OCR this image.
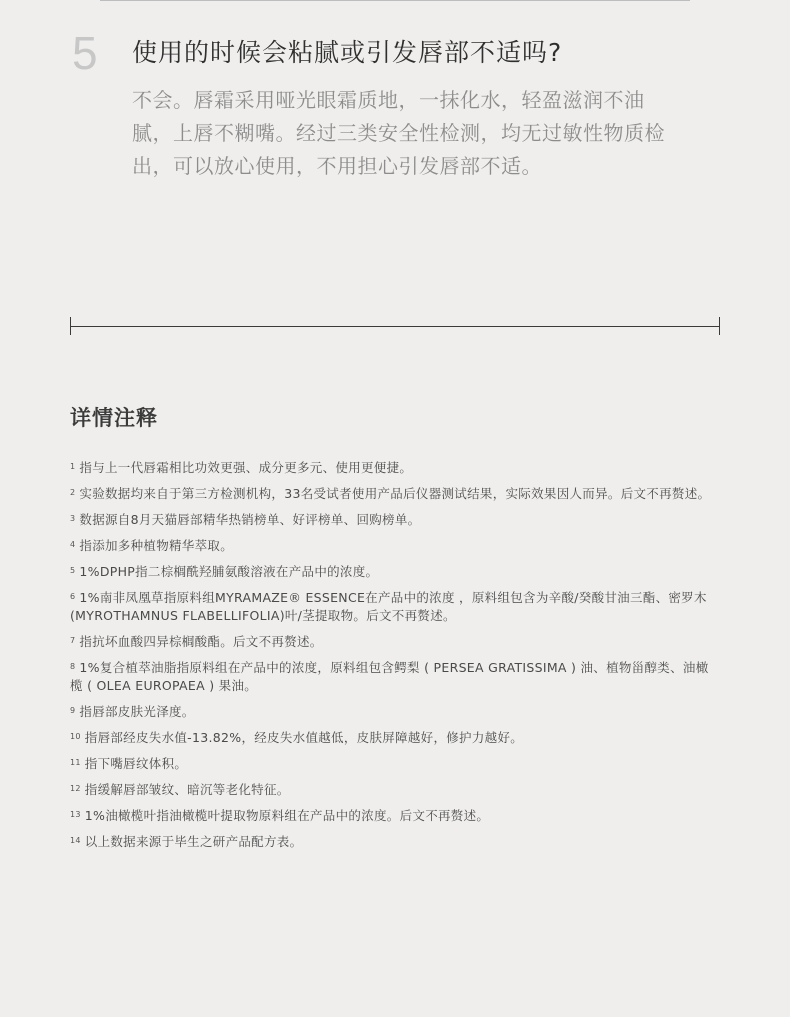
5 使用的时候会粘腻或引发唇部不适吗?

不会。唇霜采用哑光眼霜质地，一抹化水，轻盈滋润不油腻，上唇不糊嘴。经过三类安全性检测，均无过敏性物质检出，可以放心使用，不用担心引发唇部不适。

详情注释
$^1$ 指与上一代唇霜相比功效更强、成分更多元、使用更便捷。
$^2$ 实验数据均来自于第三方检测机构，33名受试者使用产品后仪器测试结果，实际效果因人而异。后文不再赘述。
$^3$ 数据源自8月天猫唇部精华热销榜单、好评榜单、回购榜单。
$^4$ 指添加多种植物精华萃取。
$^5$ 1%DPHP指二棕榈酰羟脯氨酸溶液在产品中的浓度。
$^6$ 1%南非凤凰草指原料组MYRAMAZE® ESSENCE在产品中的浓度 ，原料组包含为辛酸/癸酸甘油三酯、密罗木(MYROTHAMNUS FLABELLIFOLIA)叶/茎提取物。后文不再赘述。
$^7$ 指抗坏血酸四异棕榈酸酯。后文不再赘述。
$^8$ 1%复合植萃油脂指原料组在产品中的浓度，原料组包含鳄梨 ( PERSEA GRATISSIMA ) 油、植物甾醇类、油橄榄 ( OLEA EUROPAEA ) 果油。
$^9$ 指唇部皮肤光泽度。
$^{10}$ 指唇部经皮失水值-13.82%，经皮失水值越低，皮肤屏障越好，修护力越好。
$^{11}$ 指下嘴唇纹体积。
$^{12}$ 指缓解唇部皱纹、暗沉等老化特征。
$^{13}$ 1%油橄榄叶指油橄榄叶提取物原料组在产品中的浓度。后文不再赘述。
$^{14}$ 以上数据来源于毕生之研产品配方表。
